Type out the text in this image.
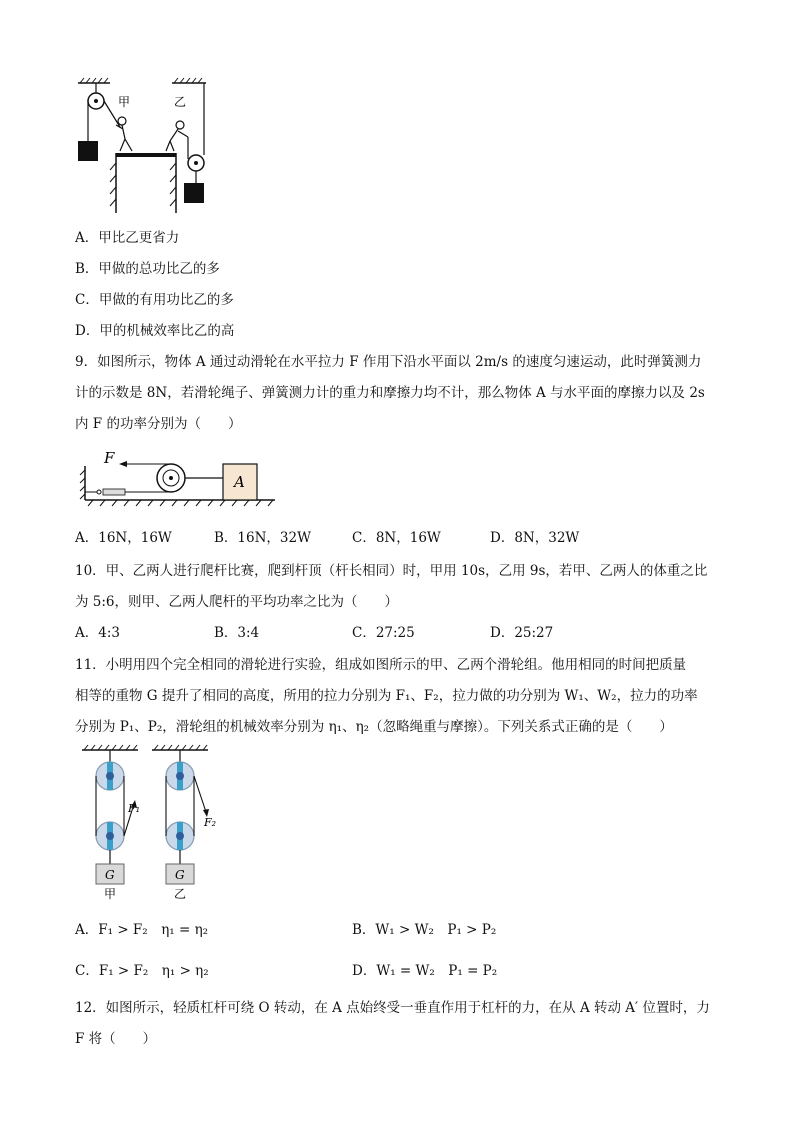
甲	乙
A．甲比乙更省力
B．甲做的总功比乙的多
C．甲做的有用功比乙的多
D．甲的机械效率比乙的高
9．如图所示，物体 A 通过动滑轮在水平拉力 F 作用下沿水平面以 2m/s 的速度匀速运动，此时弹簧测力
计的示数是 8N，若滑轮绳子、弹簧测力计的重力和摩擦力均不计，那么物体 A 与水平面的摩擦力以及 2s
内 F 的功率分别为（　　）
F
A
A．16N，16W	B．16N，32W	C．8N，16W	D．8N，32W
10．甲、乙两人进行爬杆比赛，爬到杆顶（杆长相同）时，甲用 10s，乙用 9s，若甲、乙两人的体重之比
为 5:6，则甲、乙两人爬杆的平均功率之比为（　　）
A．4:3	B．3:4	C．27:25	D．25:27
11．小明用四个完全相同的滑轮进行实验，组成如图所示的甲、乙两个滑轮组。他用相同的时间把质量
相等的重物 G 提升了相同的高度，所用的拉力分别为 F₁、F₂，拉力做的功分别为 W₁、W₂，拉力的功率
分别为 P₁、P₂，滑轮组的机械效率分别为 η₁、η₂（忽略绳重与摩擦）。下列关系式正确的是（　　）
F₁
F₂
G	G
甲	乙
A．F₁ > F₂　η₁ = η₂	B．W₁ > W₂　P₁ > P₂
C．F₁ > F₂　η₁ > η₂	D．W₁ = W₂　P₁ = P₂
12．如图所示，轻质杠杆可绕 O 转动，在 A 点始终受一垂直作用于杠杆的力，在从 A 转动 A′ 位置时，力
F 将（　　）
